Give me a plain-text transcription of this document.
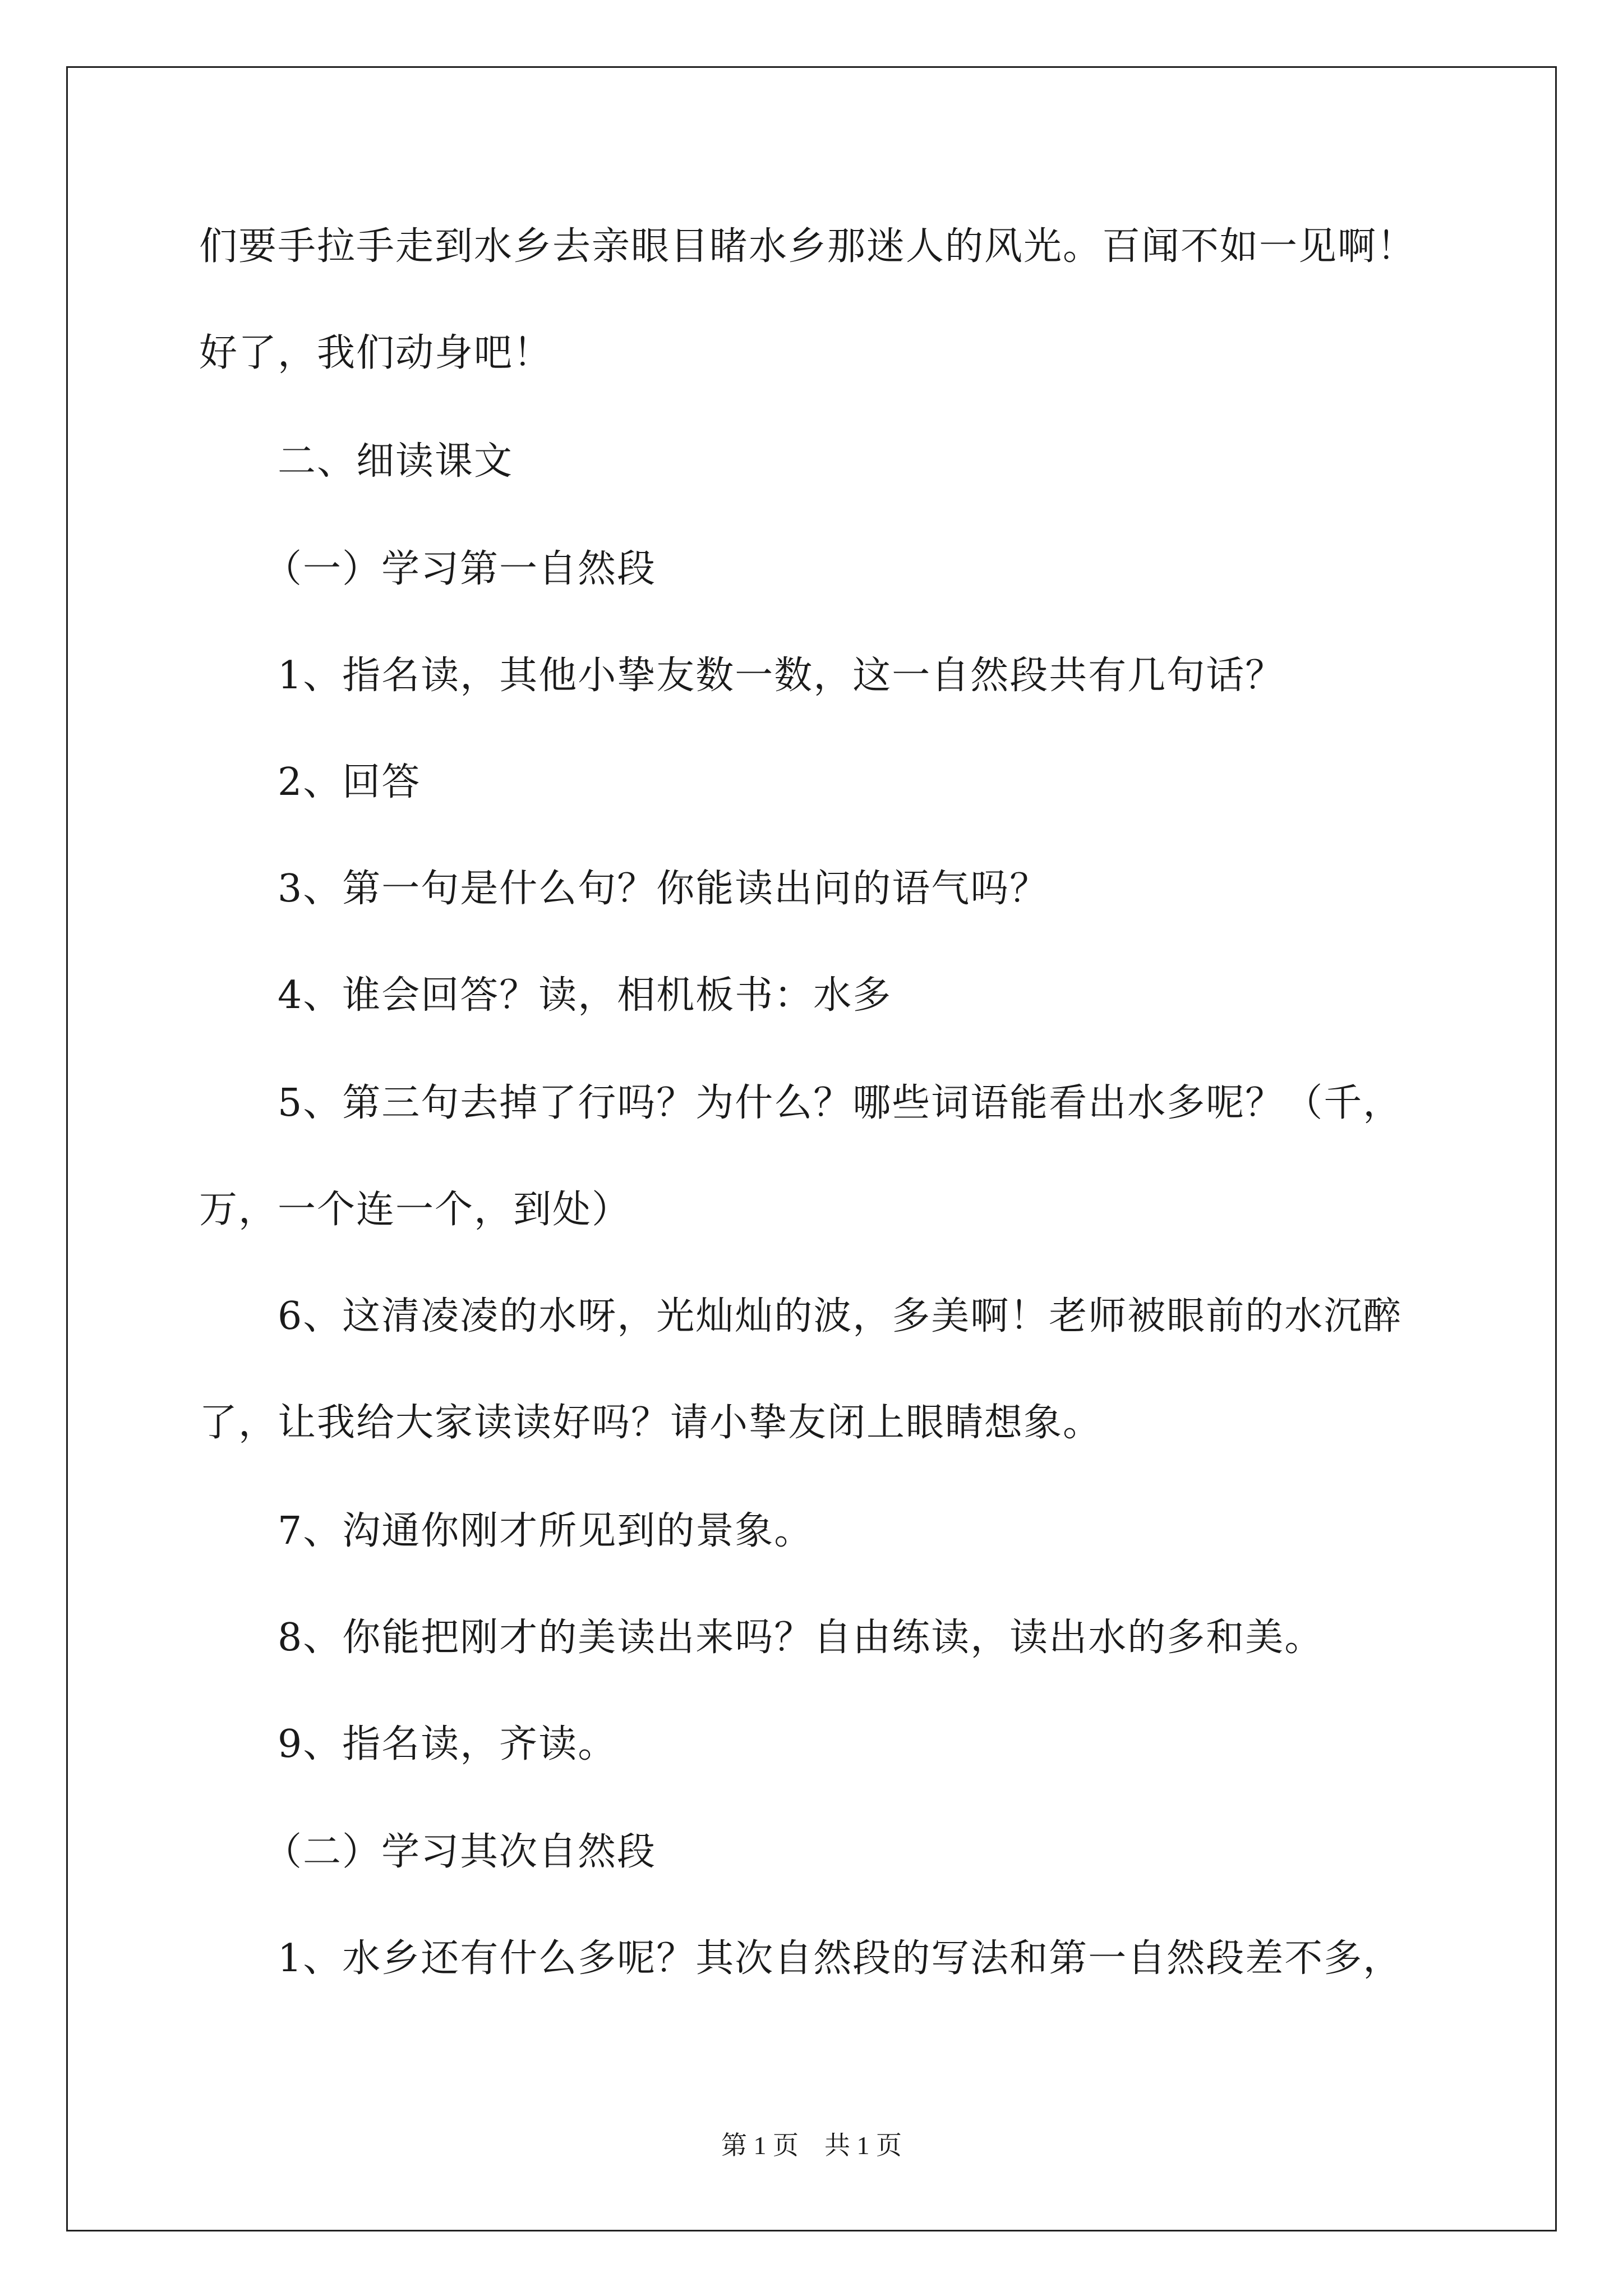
们要手拉手走到水乡去亲眼目睹水乡那迷人的风光。百闻不如一见啊！
好了，我们动身吧！
二、细读课文
（一）学习第一自然段
1、指名读，其他小挚友数一数，这一自然段共有几句话？
2、回答
3、第一句是什么句？你能读出问的语气吗？
4、谁会回答？读，相机板书：水多
5、第三句去掉了行吗？为什么？哪些词语能看出水多呢？（千，
万，一个连一个，到处）
6、这清凌凌的水呀，光灿灿的波，多美啊！老师被眼前的水沉醉
了，让我给大家读读好吗？请小挚友闭上眼睛想象。
7、沟通你刚才所见到的景象。
8、你能把刚才的美读出来吗？自由练读，读出水的多和美。
9、指名读，齐读。
（二）学习其次自然段
1、水乡还有什么多呢？其次自然段的写法和第一自然段差不多，
第 1 页　共 1 页
